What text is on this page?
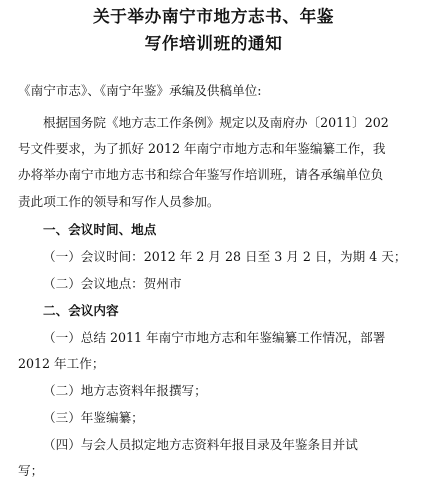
关于举办南宁市地方志书、年鉴
写作培训班的通知
《南宁市志》、《南宁年鉴》承编及供稿单位:
根据国务院《地方志工作条例》规定以及南府办〔2011〕202
号文件要求，为了抓好 2012 年南宁市地方志和年鉴编纂工作，我
办将举办南宁市地方志书和综合年鉴写作培训班，请各承编单位负
责此项工作的领导和写作人员参加。
一、会议时间、地点
（一）会议时间：2012 年 2 月 28 日至 3 月 2 日，为期 4 天；
（二）会议地点：贺州市
二、会议内容
（一）总结 2011 年南宁市地方志和年鉴编纂工作情况，部署
2012 年工作；
（二）地方志资料年报撰写；
（三）年鉴编纂；
（四）与会人员拟定地方志资料年报目录及年鉴条目并试
写；
